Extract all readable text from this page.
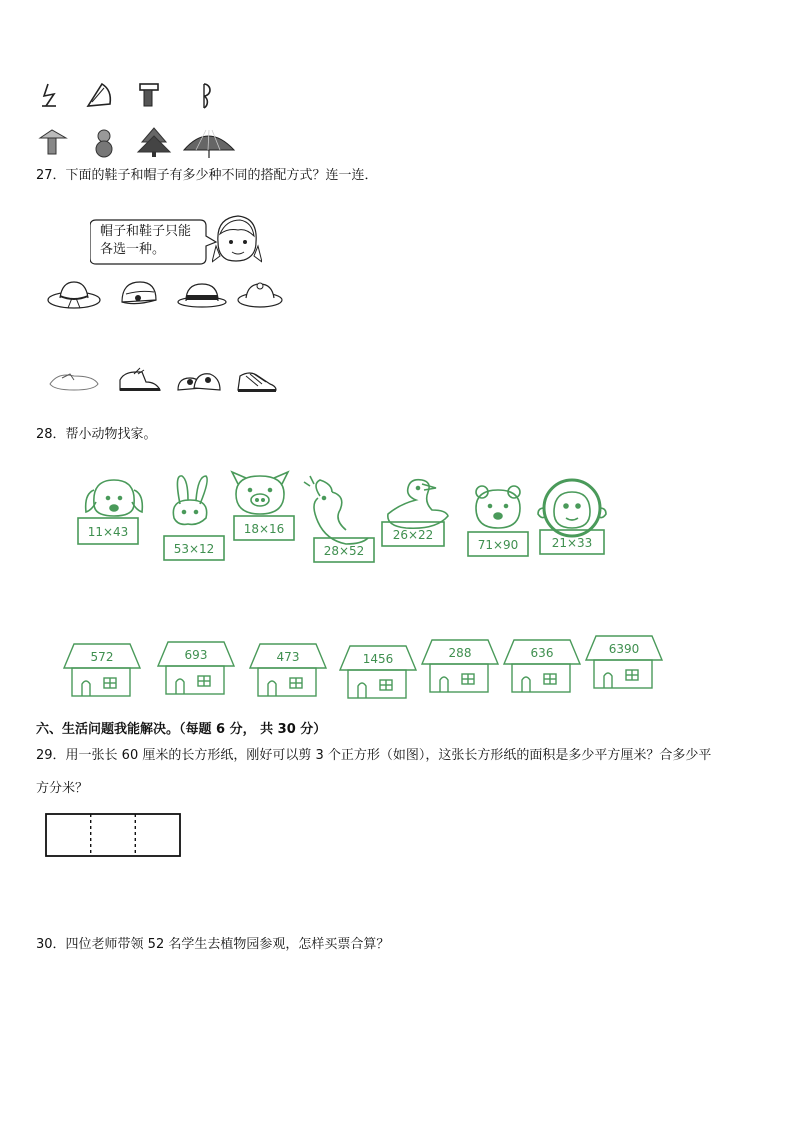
27．下面的鞋子和帽子有多少种不同的搭配方式？连一连．
帽子和鞋子只能
各选一种。
28．帮小动物找家。
11×43
53×12
18×16
28×52
26×22
71×90	21×33
572	693	473	1456	288	636	6390
六、生活问题我能解决。（每题 6 分， 共 30 分）
29．用一张长 60 厘米的长方形纸，刚好可以剪 3 个正方形（如图），这张长方形纸的面积是多少平方厘米？合多少平
方分米？
30．四位老师带领 52 名学生去植物园参观，怎样买票合算？
